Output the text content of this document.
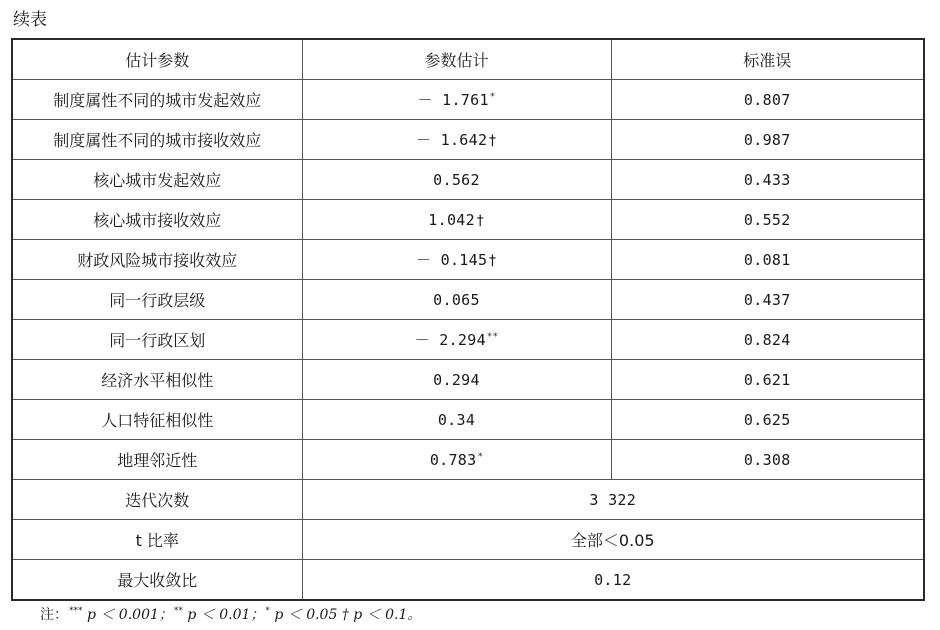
续表
估计参数	参数估计	标准误
制度属性不同的城市发起效应	－ 1.761*	0.807
制度属性不同的城市接收效应	－ 1.642†	0.987
核心城市发起效应	0.562	0.433
核心城市接收效应	1.042†	0.552
财政风险城市接收效应	－ 0.145†	0.081
同一行政层级	0.065	0.437
同一行政区划	－ 2.294**	0.824
经济水平相似性	0.294	0.621
人口特征相似性	0.34	0.625
地理邻近性	0.783*	0.308
迭代次数	3 322	
t 比率	全部＜0.05	
最大收敛比	0.12	
注：*** p ＜ 0.001；** p ＜ 0.01；* p ＜ 0.05 † p ＜ 0.1。
